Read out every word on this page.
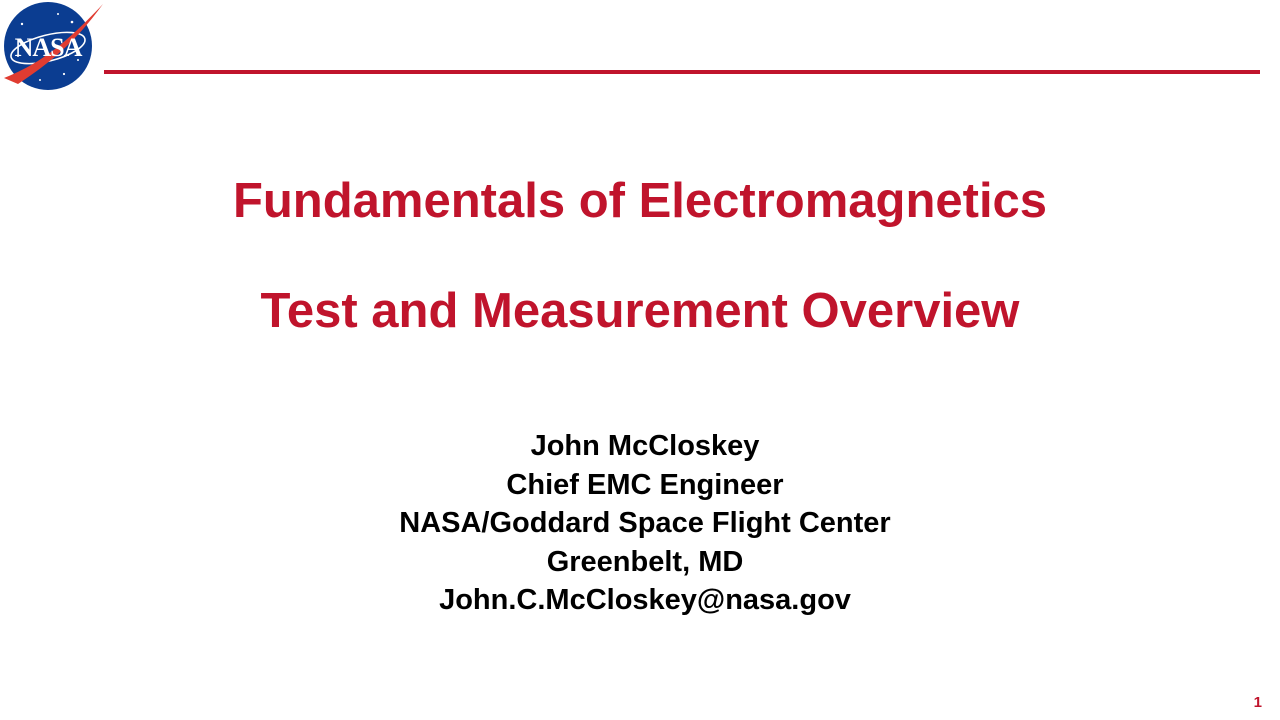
NASA
Fundamentals of Electromagnetics
Test and Measurement Overview
John McCloskey
Chief EMC Engineer
NASA/Goddard Space Flight Center
Greenbelt, MD
John.C.McCloskey@nasa.gov
1
